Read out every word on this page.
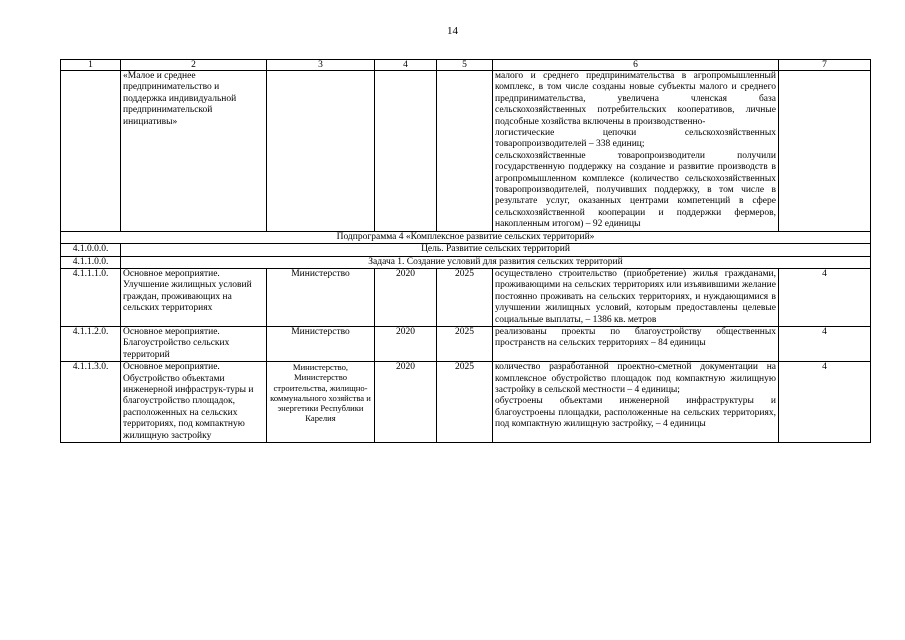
14
1	2	3	4	5	6	7
	«Малое и среднее предпринимательство и поддержка индивидуальной предпринимательской инициативы»				малого и среднего предпринимательства в агропромышленный комплекс, в том числе созданы новые субъекты малого и среднего предпринимательства, увеличена членская база сельскохозяйственных потребительских кооперативов, личные подсобные хозяйства включены в производственно-
логистические цепочки сельскохозяйственных товаропроизводителей – 338 единиц;
сельскохозяйственные товаропроизводители получили государственную поддержку на создание и развитие производств в агропромышленном комплексе (количество сельскохозяйственных товаропроизводителей, получивших поддержку, в том числе в результате услуг, оказанных центрами компетенций в сфере сельскохозяйственной кооперации и поддержки фермеров, накопленным итогом) – 92 единицы	
Подпрограмма 4 «Комплексное развитие сельских территорий»						
4.1.0.0.0.	Цель. Развитие сельских территорий					
4.1.1.0.0.	Задача 1. Создание условий для развития сельских территорий					
4.1.1.1.0.	Основное мероприятие. Улучшение жилищных условий граждан, проживающих на сельских территориях	Министерство	2020	2025	осуществлено строительство (приобретение) жилья гражданами, проживающими на сельских территориях или изъявившими желание постоянно проживать на сельских территориях, и нуждающимися в улучшении жилищных условий, которым предоставлены целевые социальные выплаты, – 1386 кв. метров	4
4.1.1.2.0.	Основное мероприятие. Благоустройство сельских территорий	Министерство	2020	2025	реализованы проекты по благоустройству общественных пространств на сельских территориях – 84 единицы	4
4.1.1.3.0.	Основное мероприятие. Обустройство объектами инженерной инфраструк-туры и благоустройство площадок, расположенных на сельских территориях, под компактную жилищную застройку	Министерство, Министерство строительства, жилищно-коммунального хозяйства и энергетики Республики Карелия	2020	2025	количество разработанной проектно-сметной документации на комплексное обустройство площадок под компактную жилищную застройку в сельской местности – 4 единицы;
обустроены объектами инженерной инфраструктуры и благоустроены площадки, расположенные на сельских территориях, под компактную жилищную застройку, – 4 единицы	4
